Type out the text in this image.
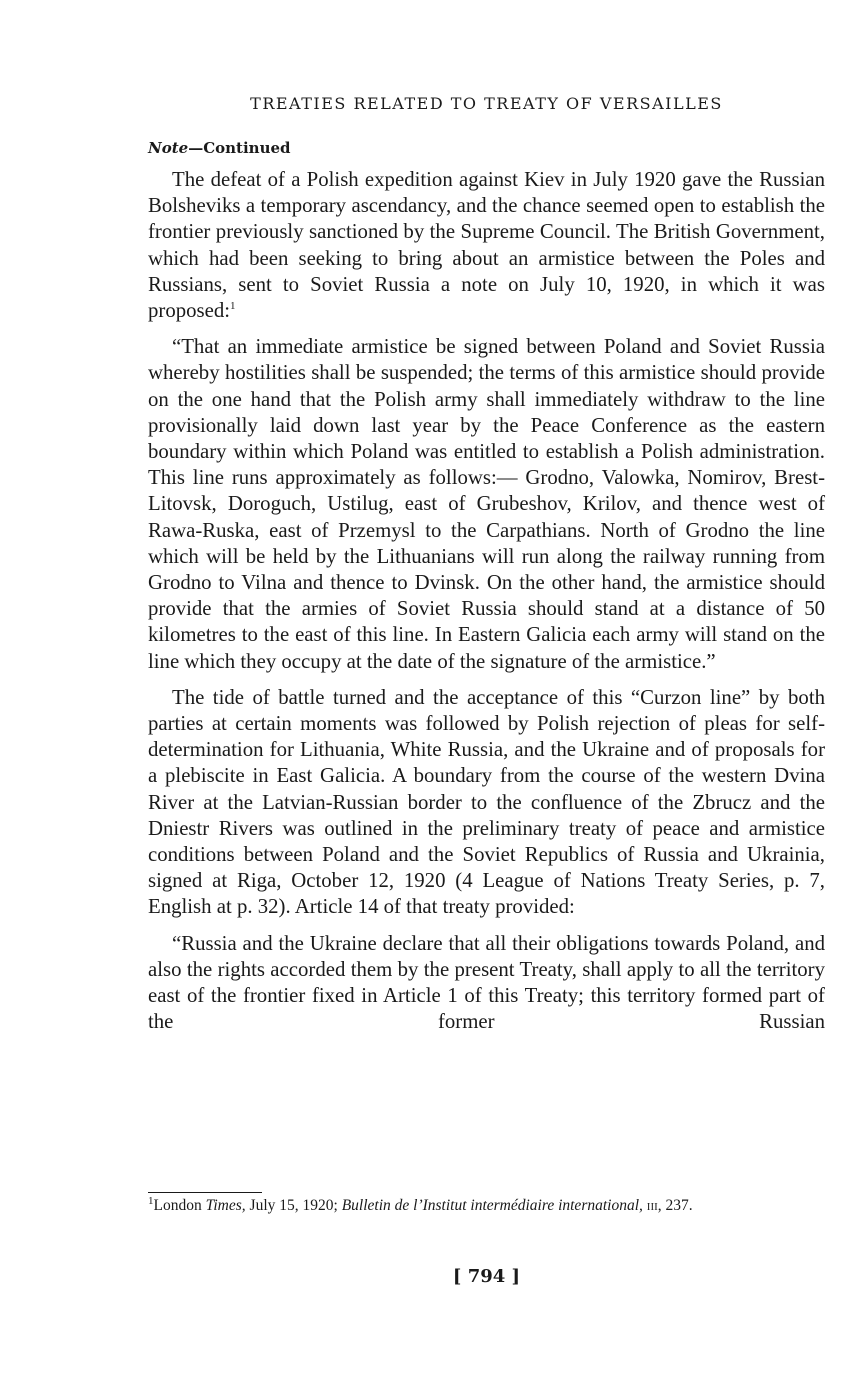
TREATIES RELATED TO TREATY OF VERSAILLES
Note—Continued

The defeat of a Polish expedition against Kiev in July 1920 gave the Russian Bolsheviks a temporary ascendancy, and the chance seemed open to establish the frontier previously sanctioned by the Supreme Council. The British Government, which had been seeking to bring about an armistice between the Poles and Russians, sent to Soviet Russia a note on July 10, 1920, in which it was proposed:$^1$

“That an immediate armistice be signed between Poland and Soviet Russia whereby hostilities shall be suspended; the terms of this armistice should provide on the one hand that the Polish army shall immediately withdraw to the line provisionally laid down last year by the Peace Conference as the eastern boundary within which Poland was entitled to establish a Polish administration. This line runs approximately as follows:— Grodno, Valowka, Nomirov, Brest-Litovsk, Doroguch, Ustilug, east of Grubeshov, Krilov, and thence west of Rawa-Ruska, east of Przemysl to the Carpathians. North of Grodno the line which will be held by the Lithuanians will run along the railway running from Grodno to Vilna and thence to Dvinsk. On the other hand, the armistice should provide that the armies of Soviet Russia should stand at a distance of 50 kilometres to the east of this line. In Eastern Galicia each army will stand on the line which they occupy at the date of the signature of the armistice.”

The tide of battle turned and the acceptance of this “Curzon line” by both parties at certain moments was followed by Polish rejection of pleas for self-determination for Lithuania, White Russia, and the Ukraine and of proposals for a plebiscite in East Galicia. A boundary from the course of the western Dvina River at the Latvian-Russian border to the confluence of the Zbrucz and the Dniestr Rivers was outlined in the preliminary treaty of peace and armistice conditions between Poland and the Soviet Republics of Russia and Ukrainia, signed at Riga, October 12, 1920 (4 League of Nations Treaty Series, p. 7, English at p. 32). Article 14 of that treaty provided:

“Russia and the Ukraine declare that all their obligations towards Poland, and also the rights accorded them by the present Treaty, shall apply to all the territory east of the frontier fixed in Article 1 of this Treaty; this territory formed part of the former Russian

$^1$London Times, July 15, 1920; Bulletin de l’Institut intermédiaire international, iii, 237.
[ 794 ]
